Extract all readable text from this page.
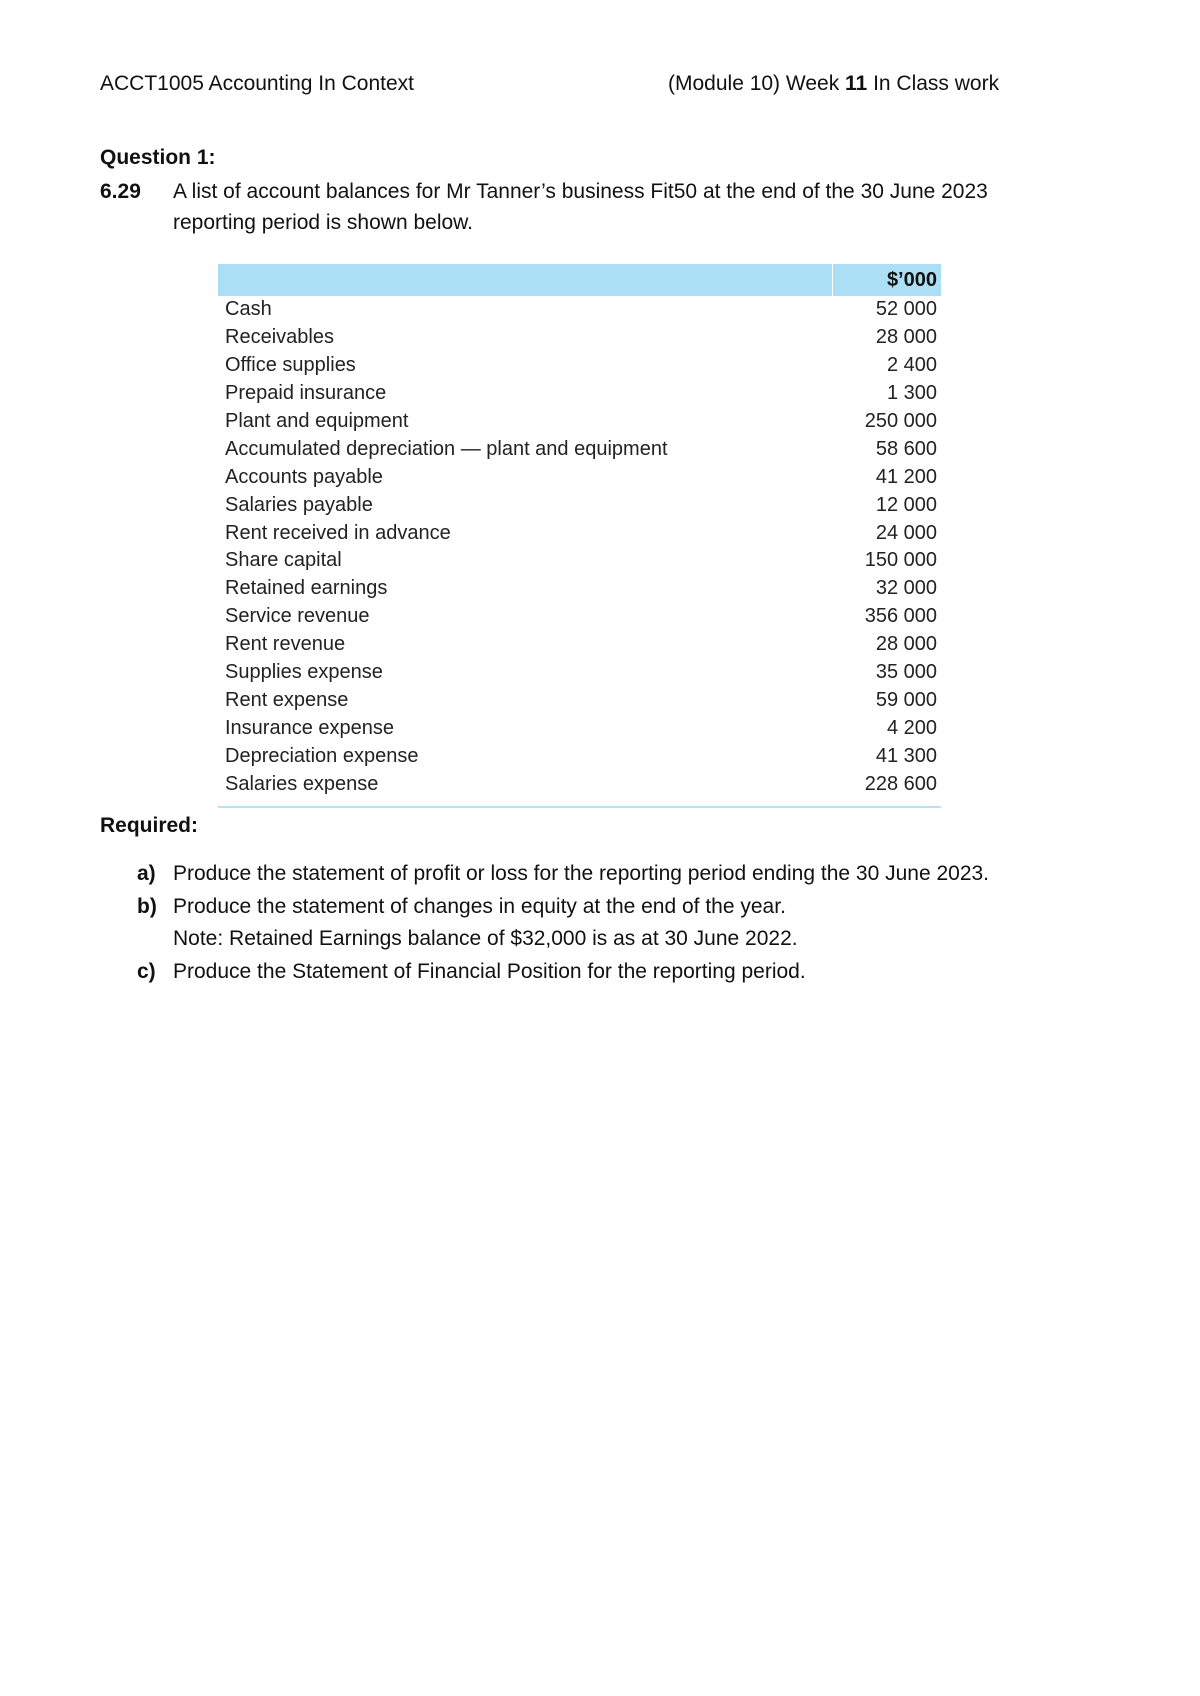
ACCT1005 Accounting In Context	(Module 10) Week 11 In Class work
Question 1:
6.29 A list of account balances for Mr Tanner’s business Fit50 at the end of the 30 June 2023 reporting period is shown below.
	$’000
Cash	52 000
Receivables	28 000
Office supplies	2 400
Prepaid insurance	1 300
Plant and equipment	250 000
Accumulated depreciation — plant and equipment	58 600
Accounts payable	41 200
Salaries payable	12 000
Rent received in advance	24 000
Share capital	150 000
Retained earnings	32 000
Service revenue	356 000
Rent revenue	28 000
Supplies expense	35 000
Rent expense	59 000
Insurance expense	4 200
Depreciation expense	41 300
Salaries expense	228 600
Required:
a) Produce the statement of profit or loss for the reporting period ending the 30 June 2023.
b) Produce the statement of changes in equity at the end of the year.
Note: Retained Earnings balance of $32,000 is as at 30 June 2022.
c) Produce the Statement of Financial Position for the reporting period.
